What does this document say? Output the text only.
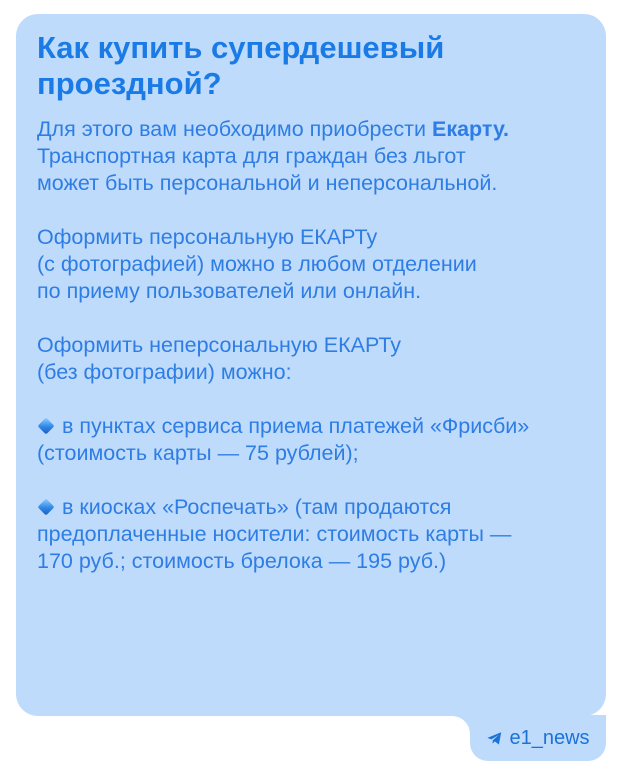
Как купить супердешевый проездной?

Для этого вам необходимо приобрести Екарту.

Транспортная карта для граждан без льгот

может быть персональной и неперсональной.

Оформить персональную ЕКАРТу

(с фотографией) можно в любом отделении

по приему пользователей или онлайн.

Оформить неперсональную ЕКАРТу

(без фотографии) можно:

в пунктах сервиса приема платежей «Фрисби»

(стоимость карты — 75 рублей);

в киосках «Роспечать» (там продаются

предоплаченные носители: стоимость карты —

170 руб.; стоимость брелока — 195 руб.)

e1_news
